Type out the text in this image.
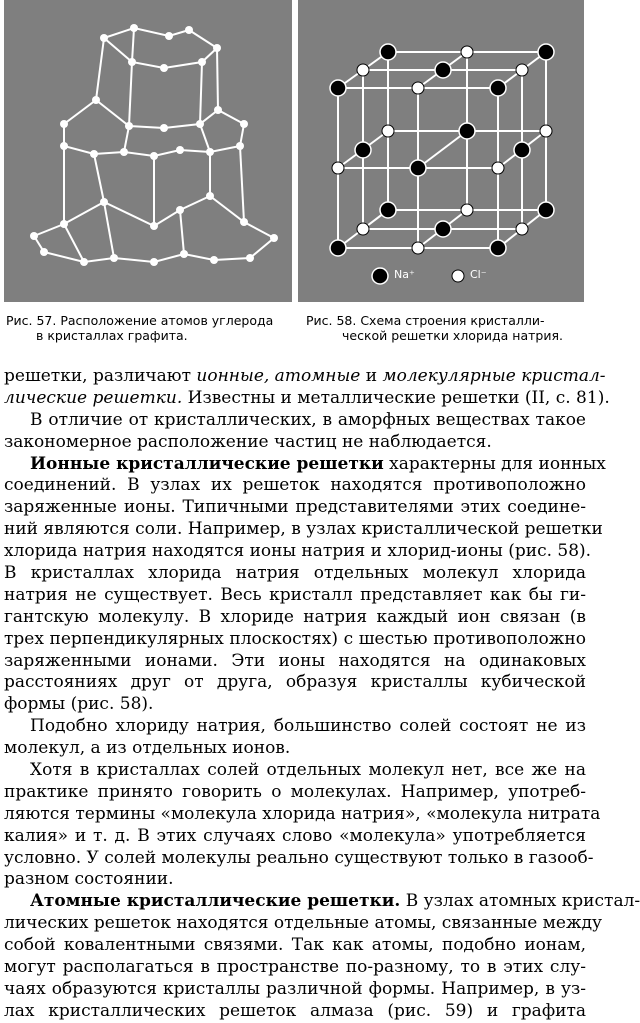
Na⁺	Cl⁻
Рис. 57. Расположение атомов углерода
в кристаллах графита.
Рис. 58. Схема строения кристалли-
ческой решетки хлорида натрия.
решетки, различают ионные, атомные и молекулярные кристал-
лические решетки. Известны и металлические решетки (II, с. 81).
В отличие от кристаллических, в аморфных веществах такое
закономерное расположение частиц не наблюдается.
Ионные кристаллические решетки характерны для ионных
соединений. В узлах их решеток находятся противоположно
заряженные ионы. Типичными представителями этих соедине-
ний являются соли. Например, в узлах кристаллической решетки
хлорида натрия находятся ионы натрия и хлорид-ионы (рис. 58).
В кристаллах хлорида натрия отдельных молекул хлорида
натрия не существует. Весь кристалл представляет как бы ги-
гантскую молекулу. В хлориде натрия каждый ион связан (в
трех перпендикулярных плоскостях) с шестью противоположно
заряженными ионами. Эти ионы находятся на одинаковых
расстояниях друг от друга, образуя кристаллы кубической
формы (рис. 58).
Подобно хлориду натрия, большинство солей состоят не из
молекул, а из отдельных ионов.
Хотя в кристаллах солей отдельных молекул нет, все же на
практике принято говорить о молекулах. Например, употреб-
ляются термины «молекула хлорида натрия», «молекула нитрата
калия» и т. д. В этих случаях слово «молекула» употребляется
условно. У солей молекулы реально существуют только в газооб-
разном состоянии.
Атомные кристаллические решетки. В узлах атомных кристал-
лических решеток находятся отдельные атомы, связанные между
собой ковалентными связями. Так как атомы, подобно ионам,
могут располагаться в пространстве по-разному, то в этих слу-
чаях образуются кристаллы различной формы. Например, в уз-
лах кристаллических решеток алмаза (рис. 59) и графита
